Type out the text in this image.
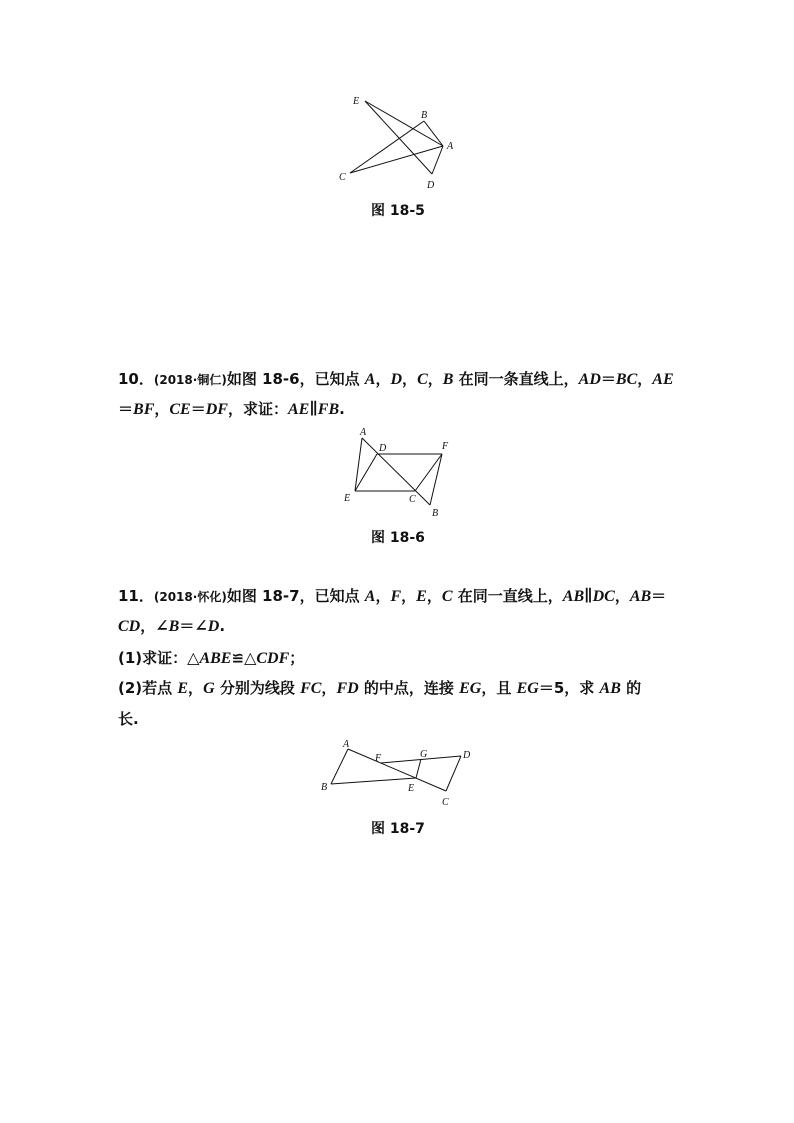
E
B
A
C
D
图 18-5
10．(2018·铜仁)如图 18-6，已知点 A，D，C，B 在同一条直线上，AD＝BC，AE
＝BF，CE＝DF，求证：AE∥FB.
A
D	F
E	C
B
图 18-6
11．(2018·怀化)如图 18-7，已知点 A，F，E，C 在同一直线上，AB∥DC，AB＝
CD，∠B＝∠D.
(1)求证：△ABE≌△CDF；
(2)若点 E，G 分别为线段 FC，FD 的中点，连接 EG，且 EG＝5，求 AB 的
长.
A
F	G	D
B	E
C
图 18-7
